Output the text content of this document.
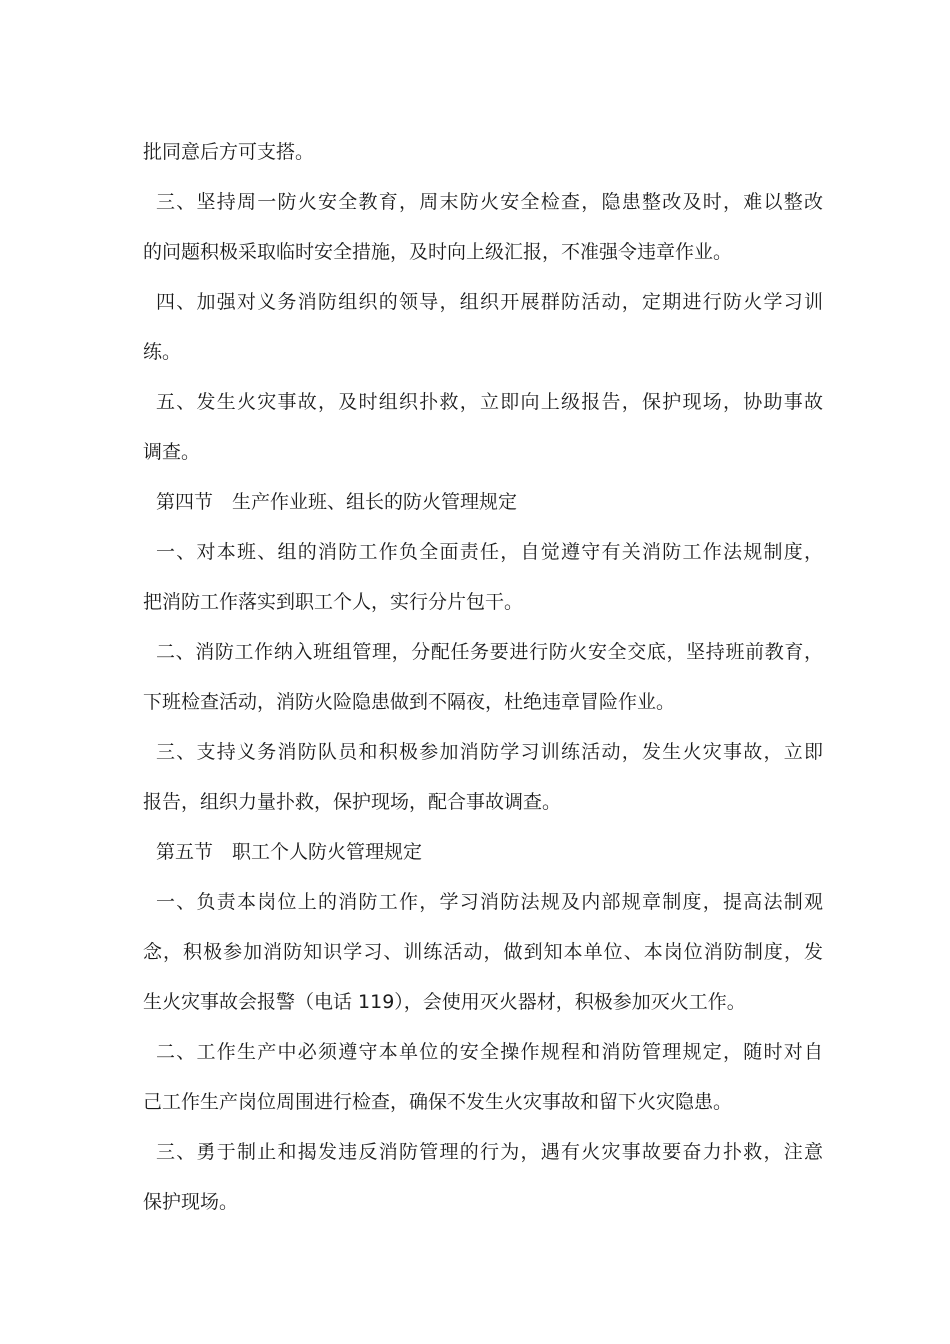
批同意后方可支搭。
三、坚持周一防火安全教育，周末防火安全检查，隐患整改及时，难以整改
的问题积极采取临时安全措施，及时向上级汇报，不准强令违章作业。
四、加强对义务消防组织的领导，组织开展群防活动，定期进行防火学习训
练。
五、发生火灾事故，及时组织扑救，立即向上级报告，保护现场，协助事故
调查。
第四节　生产作业班、组长的防火管理规定
一、对本班、组的消防工作负全面责任，自觉遵守有关消防工作法规制度，
把消防工作落实到职工个人，实行分片包干。
二、消防工作纳入班组管理，分配任务要进行防火安全交底，坚持班前教育，
下班检查活动，消防火险隐患做到不隔夜，杜绝违章冒险作业。
三、支持义务消防队员和积极参加消防学习训练活动，发生火灾事故，立即
报告，组织力量扑救，保护现场，配合事故调查。
第五节　职工个人防火管理规定
一、负责本岗位上的消防工作，学习消防法规及内部规章制度，提高法制观
念，积极参加消防知识学习、训练活动，做到知本单位、本岗位消防制度，发
生火灾事故会报警（电话 119），会使用灭火器材，积极参加灭火工作。
二、工作生产中必须遵守本单位的安全操作规程和消防管理规定，随时对自
己工作生产岗位周围进行检查，确保不发生火灾事故和留下火灾隐患。
三、勇于制止和揭发违反消防管理的行为，遇有火灾事故要奋力扑救，注意
保护现场。
